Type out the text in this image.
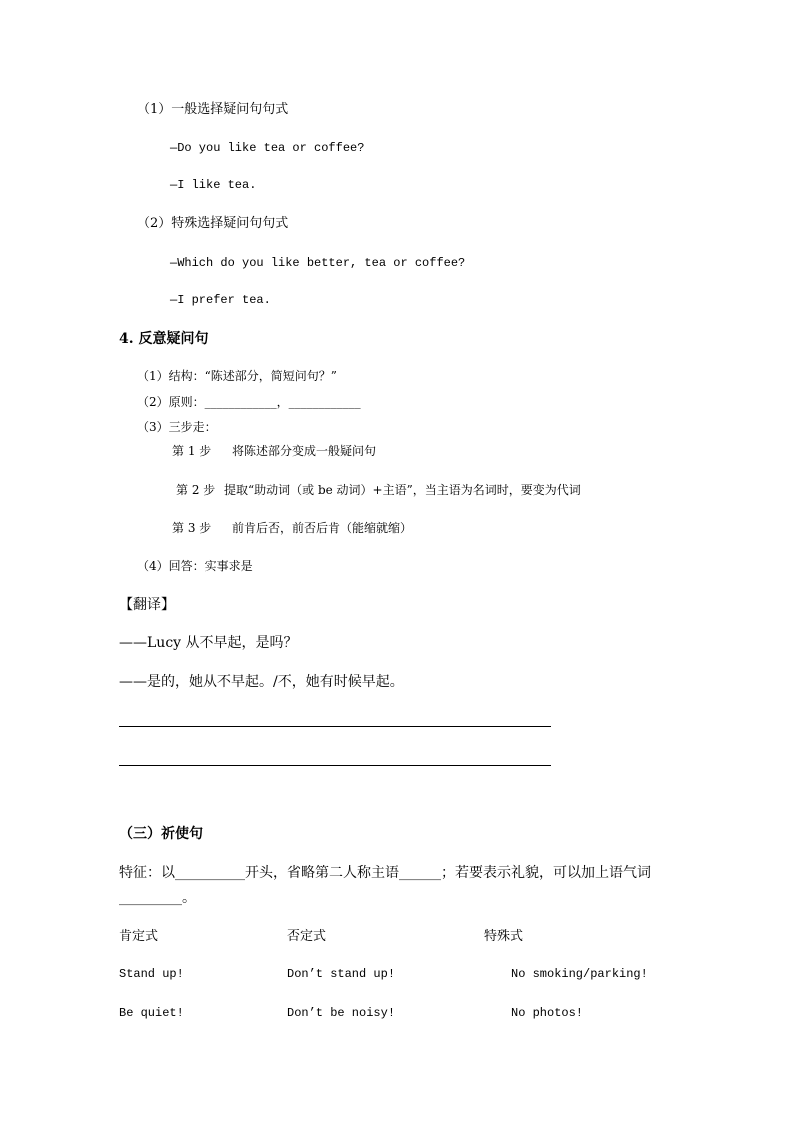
（1）一般选择疑问句句式
—Do you like tea or coffee?
—I like tea.
（2）特殊选择疑问句句式
—Which do you like better, tea or coffee?
—I prefer tea.
4. 反意疑问句
（1）结构：“陈述部分，简短问句？”
（2）原则：____________，____________
（3）三步走：
第 1 步 将陈述部分变成一般疑问句
第 2 步 提取“助动词（或 be 动词）+主语”，当主语为名词时，要变为代词
第 3 步 前肯后否，前否后肯（能缩就缩）
（4）回答：实事求是
【翻译】
——Lucy 从不早起，是吗？
——是的，她从不早起。/不，她有时候早起。
（三）祈使句
特征：以__________开头，省略第二人称主语______；若要表示礼貌，可以加上语气词
_________。
肯定式	否定式	特殊式
Stand up!	Don’t stand up!	No smoking/parking!
Be quiet!	Don’t be noisy!	No photos!
